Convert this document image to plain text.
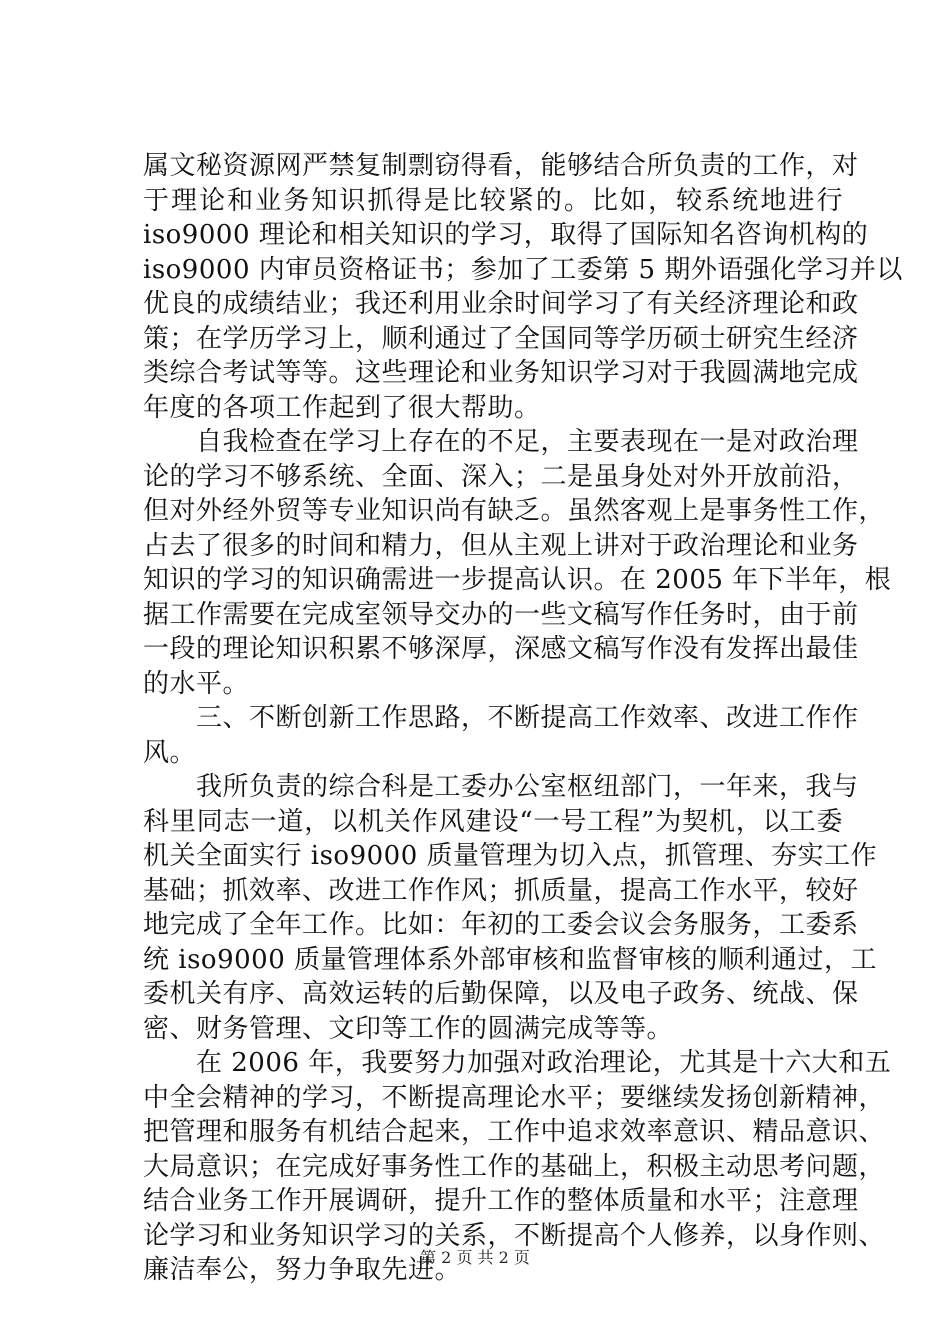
属文秘资源网严禁复制剽窃得看，能够结合所负责的工作，对
于理论和业务知识抓得是比较紧的。比如，较系统地进行
iso9000 理论和相关知识的学习，取得了国际知名咨询机构的
iso9000 内审员资格证书；参加了工委第 5 期外语强化学习并以
优良的成绩结业；我还利用业余时间学习了有关经济理论和政
策；在学历学习上，顺利通过了全国同等学历硕士研究生经济
类综合考试等等。这些理论和业务知识学习对于我圆满地完成
年度的各项工作起到了很大帮助。
　　自我检查在学习上存在的不足，主要表现在一是对政治理
论的学习不够系统、全面、深入；二是虽身处对外开放前沿，
但对外经外贸等专业知识尚有缺乏。虽然客观上是事务性工作，
占去了很多的时间和精力，但从主观上讲对于政治理论和业务
知识的学习的知识确需进一步提高认识。在 2005 年下半年，根
据工作需要在完成室领导交办的一些文稿写作任务时，由于前
一段的理论知识积累不够深厚，深感文稿写作没有发挥出最佳
的水平。
　　三、不断创新工作思路，不断提高工作效率、改进工作作
风。
　　我所负责的综合科是工委办公室枢纽部门，一年来，我与
科里同志一道，以机关作风建设“一号工程”为契机，以工委
机关全面实行 iso9000 质量管理为切入点，抓管理、夯实工作
基础；抓效率、改进工作作风；抓质量，提高工作水平，较好
地完成了全年工作。比如：年初的工委会议会务服务，工委系
统 iso9000 质量管理体系外部审核和监督审核的顺利通过，工
委机关有序、高效运转的后勤保障，以及电子政务、统战、保
密、财务管理、文印等工作的圆满完成等等。
　　在 2006 年，我要努力加强对政治理论，尤其是十六大和五
中全会精神的学习，不断提高理论水平；要继续发扬创新精神，
把管理和服务有机结合起来，工作中追求效率意识、精品意识、
大局意识；在完成好事务性工作的基础上，积极主动思考问题，
结合业务工作开展调研，提升工作的整体质量和水平；注意理
论学习和业务知识学习的关系，不断提高个人修养，以身作则、
廉洁奉公，努力争取先进。
第 2 页 共 2 页
